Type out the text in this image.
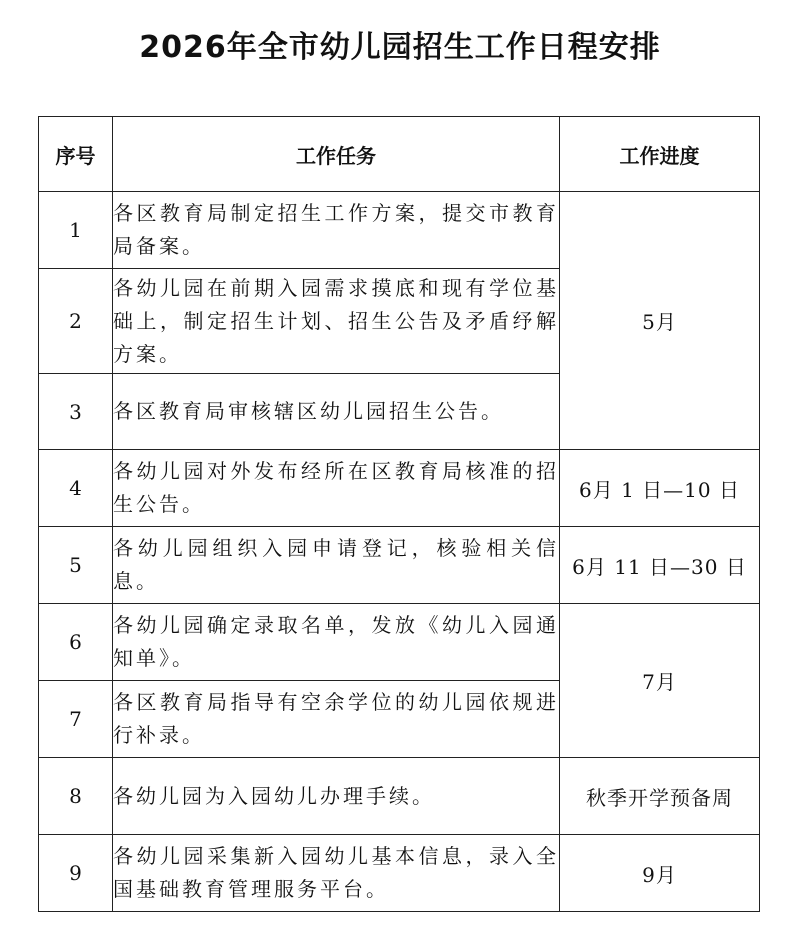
2026年全市幼儿园招生工作日程安排
序号	工作任务	工作进度
1	各区教育局制定招生工作方案，提交市教育局备案。	5月
2	各幼儿园在前期入园需求摸底和现有学位基础上，制定招生计划、招生公告及矛盾纾解方案。	
3	各区教育局审核辖区幼儿园招生公告。	
4	各幼儿园对外发布经所在区教育局核准的招生公告。	6月 1 日—10 日
5	各幼儿园组织入园申请登记，核验相关信息。	6月 11 日—30 日
6	各幼儿园确定录取名单，发放《幼儿入园通知单》。	7月
7	各区教育局指导有空余学位的幼儿园依规进行补录。	
8	各幼儿园为入园幼儿办理手续。	秋季开学预备周
9	各幼儿园采集新入园幼儿基本信息，录入全国基础教育管理服务平台。	9月
